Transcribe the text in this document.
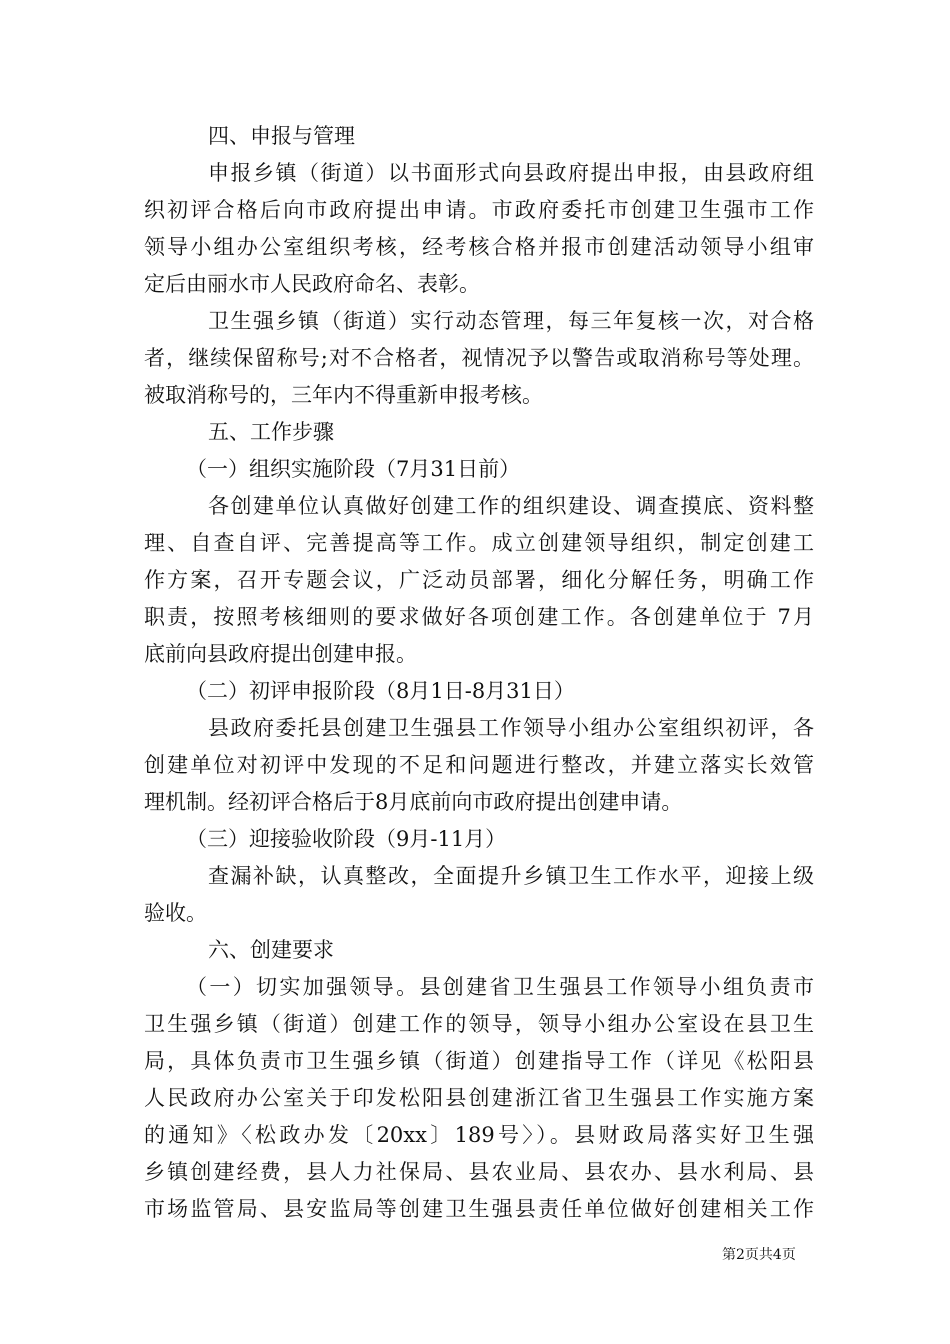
四、申报与管理
申报乡镇（街道）以书面形式向县政府提出申报，由县政府组
织初评合格后向市政府提出申请。市政府委托市创建卫生强市工作
领导小组办公室组织考核，经考核合格并报市创建活动领导小组审
定后由丽水市人民政府命名、表彰。
卫生强乡镇（街道）实行动态管理，每三年复核一次，对合格
者，继续保留称号;对不合格者，视情况予以警告或取消称号等处理。
被取消称号的，三年内不得重新申报考核。
五、工作步骤
（一）组织实施阶段（7月31日前）
各创建单位认真做好创建工作的组织建设、调查摸底、资料整
理、自查自评、完善提高等工作。成立创建领导组织，制定创建工
作方案，召开专题会议，广泛动员部署，细化分解任务，明确工作
职责，按照考核细则的要求做好各项创建工作。各创建单位于 7月
底前向县政府提出创建申报。
（二）初评申报阶段（8月1日-8月31日）
县政府委托县创建卫生强县工作领导小组办公室组织初评，各
创建单位对初评中发现的不足和问题进行整改，并建立落实长效管
理机制。经初评合格后于8月底前向市政府提出创建申请。
（三）迎接验收阶段（9月-11月）
查漏补缺，认真整改，全面提升乡镇卫生工作水平，迎接上级
验收。
六、创建要求
（一）切实加强领导。县创建省卫生强县工作领导小组负责市
卫生强乡镇（街道）创建工作的领导，领导小组办公室设在县卫生
局，具体负责市卫生强乡镇（街道）创建指导工作（详见《松阳县
人民政府办公室关于印发松阳县创建浙江省卫生强县工作实施方案
的通知》〈松政办发〔20xx〕189号〉）。县财政局落实好卫生强
乡镇创建经费，县人力社保局、县农业局、县农办、县水利局、县
市场监管局、县安监局等创建卫生强县责任单位做好创建相关工作
第2页共4页
